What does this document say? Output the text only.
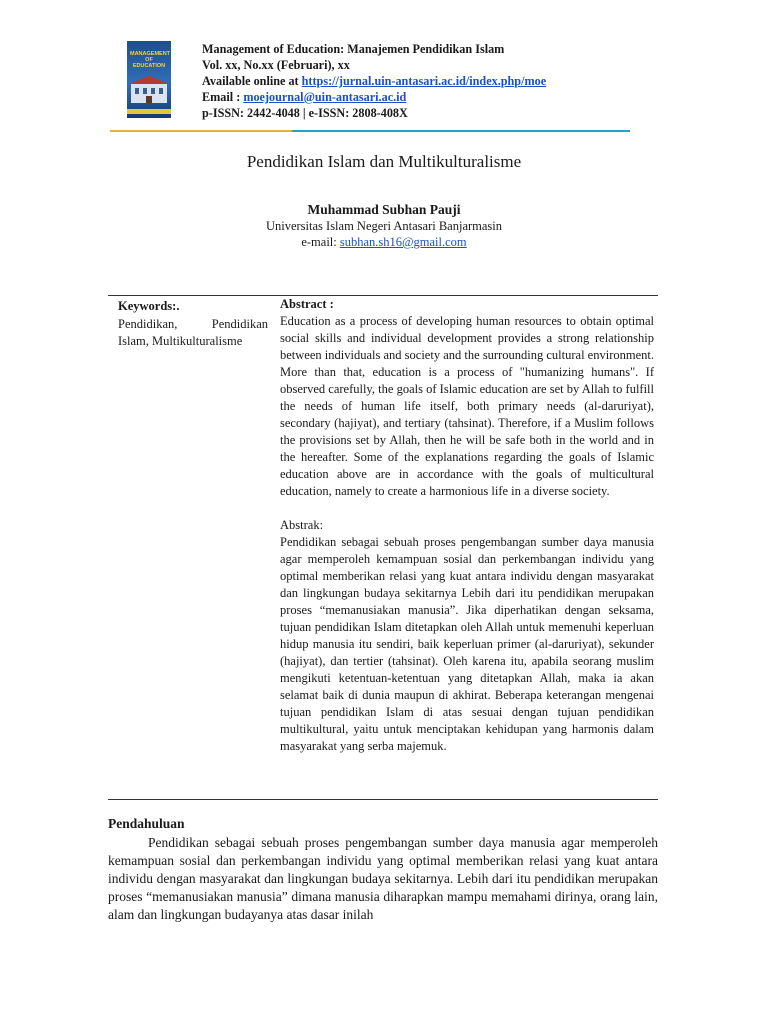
MANAGEMENT OF EDUCATION
Management of Education: Manajemen Pendidikan Islam
Vol. xx, No.xx (Februari), xx
Available online at https://jurnal.uin-antasari.ac.id/index.php/moe
Email : moejournal@uin-antasari.ac.id
p-ISSN: 2442-4048 | e-ISSN: 2808-408X
Pendidikan Islam dan Multikulturalisme
Muhammad Subhan Pauji
Universitas Islam Negeri Antasari Banjarmasin
e-mail: subhan.sh16@gmail.com
Keywords:.
Pendidikan, Pendidikan Islam, Multikulturalisme
Abstract :

Education as a process of developing human resources to obtain optimal social skills and individual development provides a strong relationship between individuals and society and the surrounding cultural environment. More than that, education is a process of "humanizing humans". If observed carefully, the goals of Islamic education are set by Allah to fulfill the needs of human life itself, both primary needs (al-daruriyat), secondary (hajiyat), and tertiary (tahsinat). Therefore, if a Muslim follows the provisions set by Allah, then he will be safe both in the world and in the hereafter. Some of the explanations regarding the goals of Islamic education above are in accordance with the goals of multicultural education, namely to create a harmonious life in a diverse society.

Abstrak:

Pendidikan sebagai sebuah proses pengembangan sumber daya manusia agar memperoleh kemampuan sosial dan perkembangan individu yang optimal memberikan relasi yang kuat antara individu dengan masyarakat dan lingkungan budaya sekitarnya Lebih dari itu pendidikan merupakan proses “memanusiakan manusia”. Jika diperhatikan dengan seksama, tujuan pendidikan Islam ditetapkan oleh Allah untuk memenuhi keperluan hidup manusia itu sendiri, baik keperluan primer (al-daruriyat), sekunder (hajiyat), dan tertier (tahsinat). Oleh karena itu, apabila seorang muslim mengikuti ketentuan-ketentuan yang ditetapkan Allah, maka ia akan selamat baik di dunia maupun di akhirat. Beberapa keterangan mengenai tujuan pendidikan Islam di atas sesuai dengan tujuan pendidikan multikultural, yaitu untuk menciptakan kehidupan yang harmonis dalam masyarakat yang serba majemuk.

Pendahuluan

Pendidikan sebagai sebuah proses pengembangan sumber daya manusia agar memperoleh kemampuan sosial dan perkembangan individu yang optimal memberikan relasi yang kuat antara individu dengan masyarakat dan lingkungan budaya sekitarnya. Lebih dari itu pendidikan merupakan proses “memanusiakan manusia” dimana manusia diharapkan mampu memahami dirinya, orang lain, alam dan lingkungan budayanya atas dasar inilah
